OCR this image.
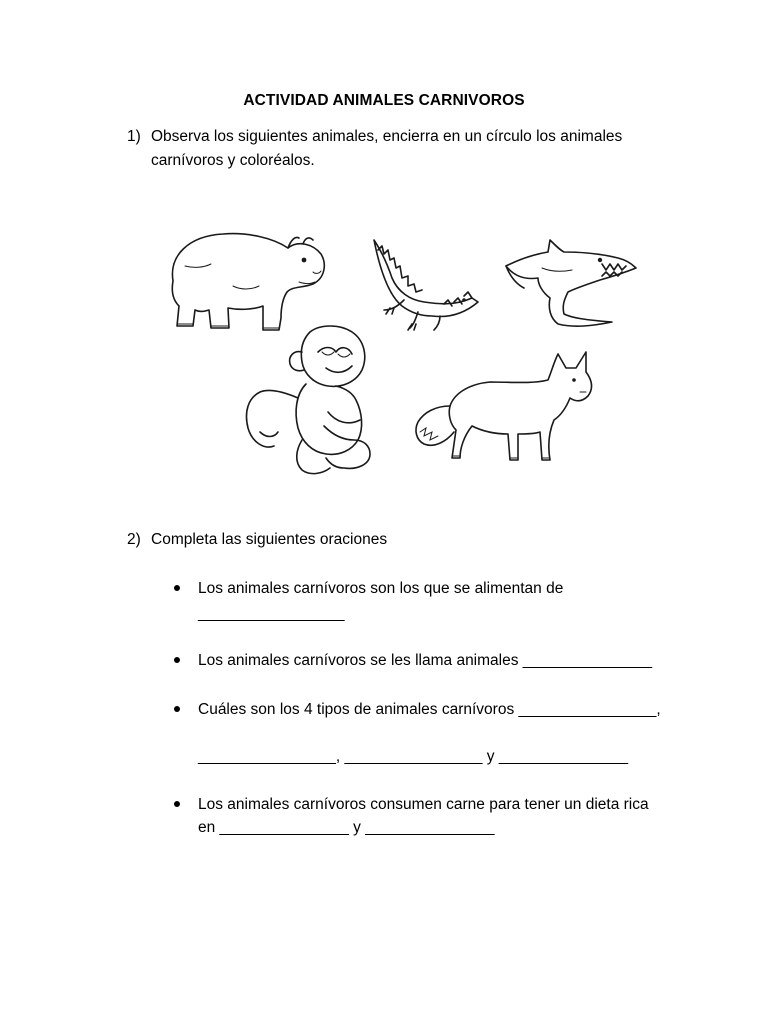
ACTIVIDAD ANIMALES CARNIVOROS
1) Observa los siguientes animales, encierra en un círculo los animales
carnívoros y coloréalos.
2) Completa las siguientes oraciones
Los animales carnívoros son los que se alimentan de
_________________
Los animales carnívoros se les llama animales _______________
Cuáles son los 4 tipos de animales carnívoros ________________,
________________, ________________ y _______________
Los animales carnívoros consumen carne para tener un dieta rica
en _______________ y _______________
